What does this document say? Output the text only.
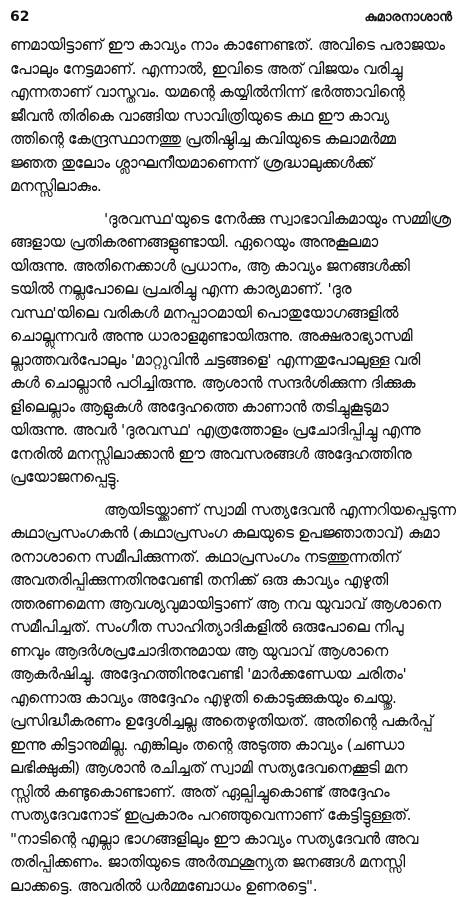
62	കുമാരനാശാൻ
ണമായിട്ടാണ് ഈ കാവ്യം നാം കാണേണ്ടത്. അവിടെ പരാജയം
പോലും നേട്ടമാണ്. എന്നാൽ, ഇവിടെ അത് വിജയം വരിച്ചു
എന്നതാണ് വാസ്തവം. യമന്റെ കയ്യിൽനിന്ന് ഭർത്താവിന്റെ
ജീവൻ തിരികെ വാങ്ങിയ സാവിത്രിയുടെ കഥ ഈ കാവ്യ
ത്തിന്റെ കേന്ദ്രസ്ഥാനത്തു പ്രതിഷ്ഠിച്ച കവിയുടെ കലാമർമ്മ
ജ്ഞത തുലോം ശ്ലാഘനീയമാണെന്ന് ശ്രദ്ധാലുക്കൾക്ക്
മനസ്സിലാകും.
'ദുരവസ്ഥ'യുടെ നേർക്കു സ്വാഭാവികമായും സമ്മിശ്ര
ങ്ങളായ പ്രതികരണങ്ങളുണ്ടായി. ഏറെയും അനുകൂലമാ
യിരുന്നു. അതിനെക്കാൾ പ്രധാനം, ആ കാവ്യം ജനങ്ങൾക്കി
ടയിൽ നല്ലപോലെ പ്രചരിച്ചു എന്ന കാര്യമാണ്. 'ദുര
വസ്ഥ'യിലെ വരികൾ മനപ്പാഠമായി പൊതുയോഗങ്ങളിൽ
ചൊല്ലുന്നവർ അന്നു ധാരാളമുണ്ടായിരുന്നു. അക്ഷരാഭ്യാസമി
ല്ലാത്തവർപോലും 'മാറ്റുവിൻ ചട്ടങ്ങളെ' എന്നതുപോലുള്ള വരി
കൾ ചൊല്ലാൻ പഠിച്ചിരുന്നു. ആശാൻ സന്ദർശിക്കുന്ന ദിക്കുക
ളിലെല്ലാം ആളുകൾ അദ്ദേഹത്തെ കാണാൻ തടിച്ചുകൂടുമാ
യിരുന്നു. അവർ 'ദുരവസ്ഥ' എത്രത്തോളം പ്രചോദിപ്പിച്ചു എന്നു
നേരിൽ മനസ്സിലാക്കാൻ ഈ അവസരങ്ങൾ അദ്ദേഹത്തിനു
പ്രയോജനപ്പെട്ടു.
ആയിടയ്ക്കാണ് സ്വാമി സത്യദേവൻ എന്നറിയപ്പെടുന്ന
കഥാപ്രസംഗകൻ (കഥാപ്രസംഗ കലയുടെ ഉപജ്ഞാതാവ്) കുമാ
രനാശാനെ സമീപിക്കുന്നത്. കഥാപ്രസംഗം നടത്തുന്നതിന്
അവതരിപ്പിക്കുന്നതിനുവേണ്ടി തനിക്ക് ഒരു കാവ്യം എഴുതി
ത്തരണമെന്ന ആവശ്യവുമായിട്ടാണ് ആ നവ യുവാവ് ആശാനെ
സമീപിച്ചത്. സംഗീത സാഹിത്യാദികളിൽ ഒരുപോലെ നിപു
ണവും ആദർശപ്രചോദിതനുമായ ആ യുവാവ് ആശാനെ
ആകർഷിച്ചു. അദ്ദേഹത്തിനുവേണ്ടി 'മാർക്കണ്ഡേയ ചരിതം'
എന്നൊരു കാവ്യം അദ്ദേഹം എഴുതി കൊടുക്കുകയും ചെയ്തു.
പ്രസിദ്ധീകരണം ഉദ്ദേശിച്ചല്ല അതെഴുതിയത്. അതിന്റെ പകർപ്പ്
ഇന്നു കിട്ടാനുമില്ല. എങ്കിലും തന്റെ അടുത്ത കാവ്യം (ചണ്ഡാ
ലഭിക്ഷുകി) ആശാൻ രചിച്ചത് സ്വാമി സത്യദേവനെക്കൂടി മന
സ്സിൽ കണ്ടുകൊണ്ടാണ്. അത് ഏല്പിച്ചുകൊണ്ട് അദ്ദേഹം
സത്യദേവനോട് ഇപ്രകാരം പറഞ്ഞുവെന്നാണ് കേട്ടിട്ടുള്ളത്.
"നാടിന്റെ എല്ലാ ഭാഗങ്ങളിലും ഈ കാവ്യം സത്യദേവൻ അവ
തരിപ്പിക്കണം. ജാതിയുടെ അർത്ഥശൂന്യത ജനങ്ങൾ മനസ്സി
ലാക്കട്ടെ. അവരിൽ ധർമ്മബോധം ഉണരട്ടെ".
